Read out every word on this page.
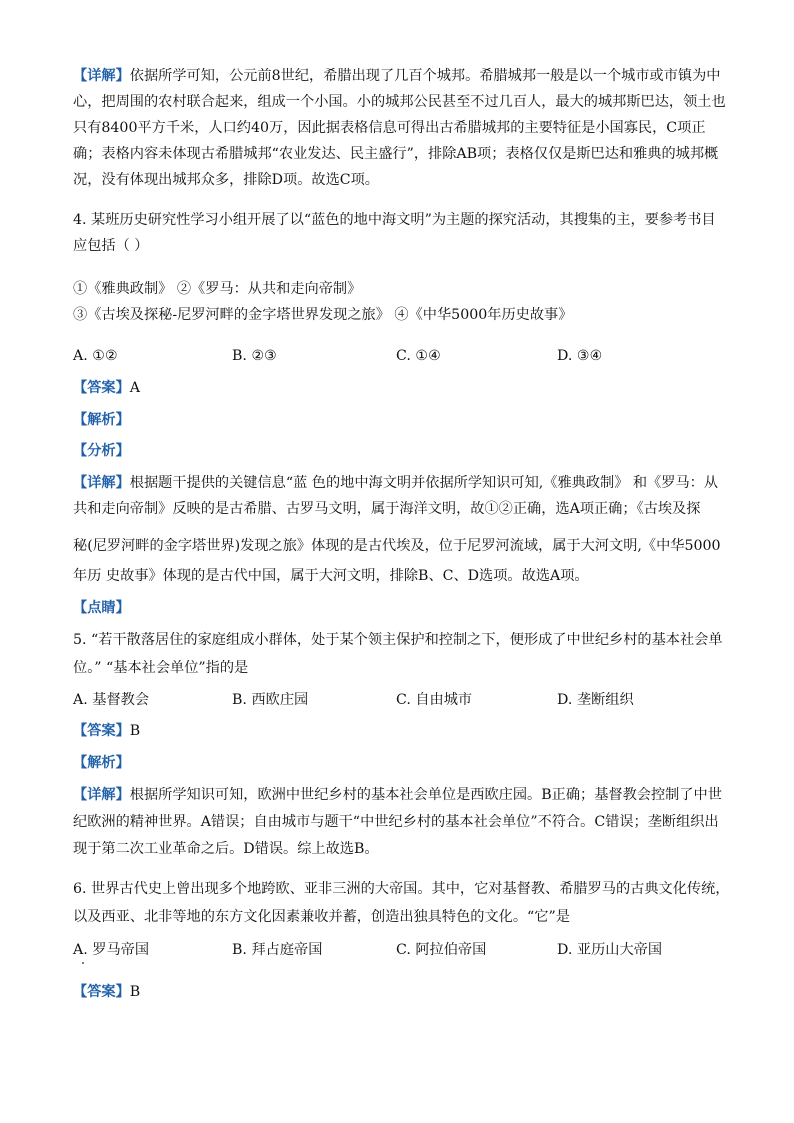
【详解】依据所学可知，公元前8世纪，希腊出现了几百个城邦。希腊城邦一般是以一个城市或市镇为中
心，把周围的农村联合起来，组成一个小国。小的城邦公民甚至不过几百人，最大的城邦斯巴达，领土也
只有8400平方千米，人口约40万，因此据表格信息可得出古希腊城邦的主要特征是小国寡民，C项正
确；表格内容未体现古希腊城邦“农业发达、民主盛行”，排除AB项；表格仅仅是斯巴达和雅典的城邦概
况，没有体现出城邦众多，排除D项。故选C项。
4. 某班历史研究性学习小组开展了以“蓝色的地中海文明”为主题的探究活动，其搜集的主，要参考书目
应包括（ ）
①《雅典政制》 ②《罗马：从共和走向帝制》
③《古埃及探秘-尼罗河畔的金字塔世界发现之旅》 ④《中华5000年历史故事》
A. ①②	B. ②③	C. ①④	D. ③④
【答案】A
【解析】
【分析】
【详解】根据题干提供的关键信息“蓝 色的地中海文明并依据所学知识可知,《雅典政制》 和《罗马：从
共和走向帝制》反映的是古希腊、古罗马文明，属于海洋文明，故①②正确，选A项正确；《古埃及探
秘(尼罗河畔的金字塔世界)发现之旅》体现的是古代埃及，位于尼罗河流域，属于大河文明,《中华5000
年历 史故事》体现的是古代中国，属于大河文明，排除B、C、D选项。故选A项。
【点睛】
5. “若干散落居住的家庭组成小群体，处于某个领主保护和控制之下，便形成了中世纪乡村的基本社会单
位。” “基本社会单位”指的是
A. 基督教会	B. 西欧庄园	C. 自由城市	D. 垄断组织
【答案】B
【解析】
【详解】根据所学知识可知，欧洲中世纪乡村的基本社会单位是西欧庄园。B正确；基督教会控制了中世
纪欧洲的精神世界。A错误；自由城市与题干“中世纪乡村的基本社会单位”不符合。C错误；垄断组织出
现于第二次工业革命之后。D错误。综上故选B。
6. 世界古代史上曾出现多个地跨欧、亚非三洲的大帝国。其中，它对基督教、希腊罗马的古典文化传统，
以及西亚、北非等地的东方文化因素兼收并蓄，创造出独具特色的文化。“它”是
A. 罗马帝国	B. 拜占庭帝国	C. 阿拉伯帝国	D. 亚历山大帝国
【答案】B
